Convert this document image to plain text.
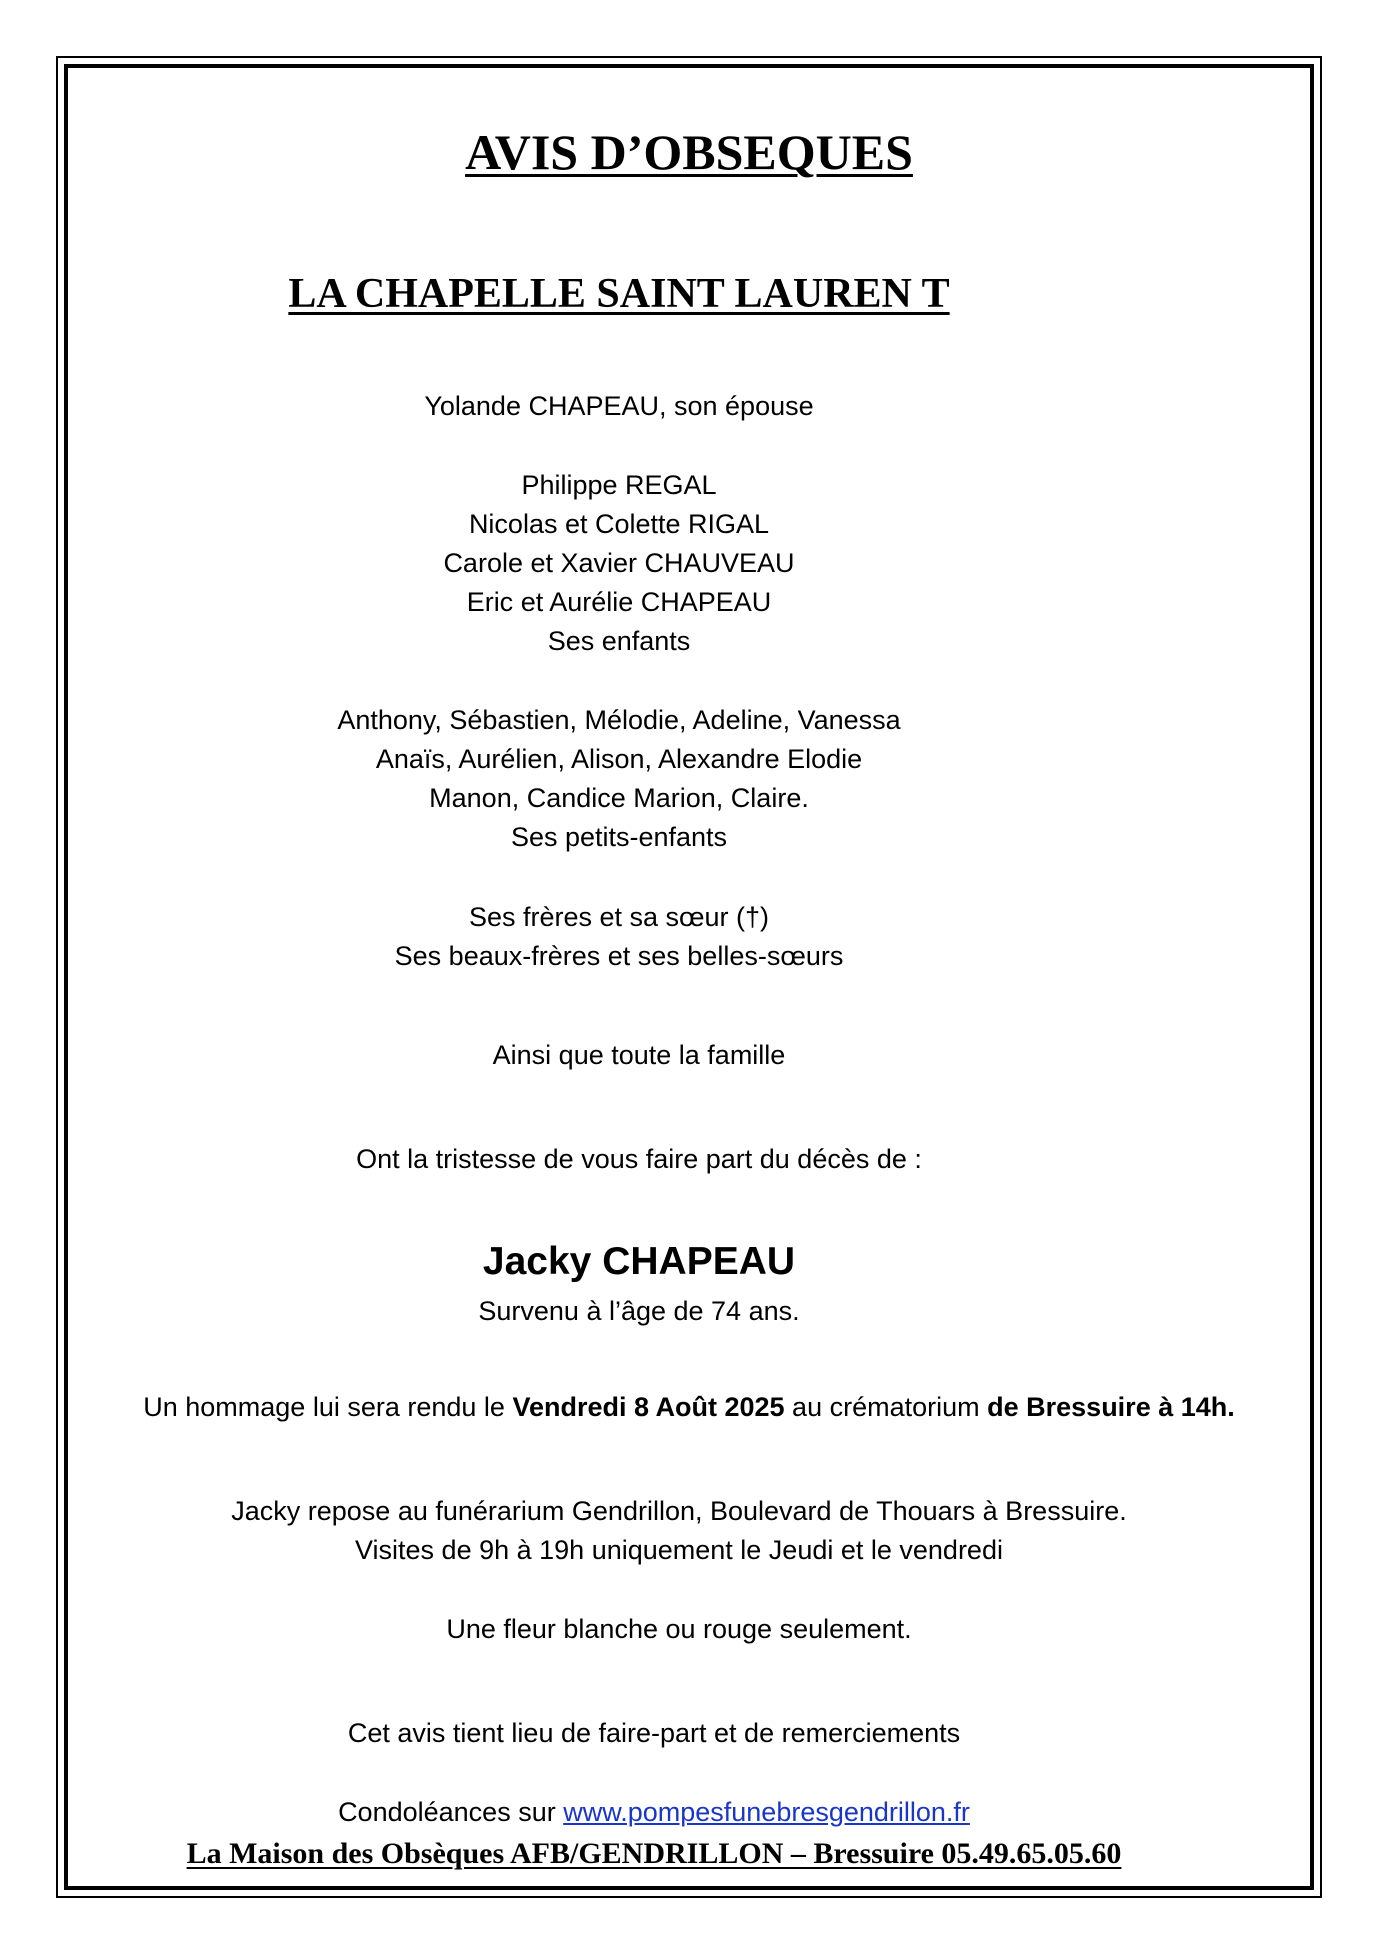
AVIS D’OBSEQUES
LA CHAPELLE SAINT LAUREN T
Yolande CHAPEAU, son épouse
Philippe REGAL
Nicolas et Colette RIGAL
Carole et Xavier CHAUVEAU
Eric et Aurélie CHAPEAU
Ses enfants
Anthony, Sébastien, Mélodie, Adeline, Vanessa
Anaïs, Aurélien, Alison, Alexandre Elodie
Manon, Candice Marion, Claire.
Ses petits-enfants
Ses frères et sa sœur (†)
Ses beaux-frères et ses belles-sœurs
Ainsi que toute la famille
Ont la tristesse de vous faire part du décès de :
Jacky CHAPEAU
Survenu à l’âge de 74 ans.
Un hommage lui sera rendu le Vendredi 8 Août 2025 au crématorium de Bressuire à 14h.
Jacky repose au funérarium Gendrillon, Boulevard de Thouars à Bressuire.
Visites de 9h à 19h uniquement le Jeudi et le vendredi
Une fleur blanche ou rouge seulement.
Cet avis tient lieu de faire-part et de remerciements
Condoléances sur www.pompesfunebresgendrillon.fr
La Maison des Obsèques AFB/GENDRILLON – Bressuire 05.49.65.05.60
